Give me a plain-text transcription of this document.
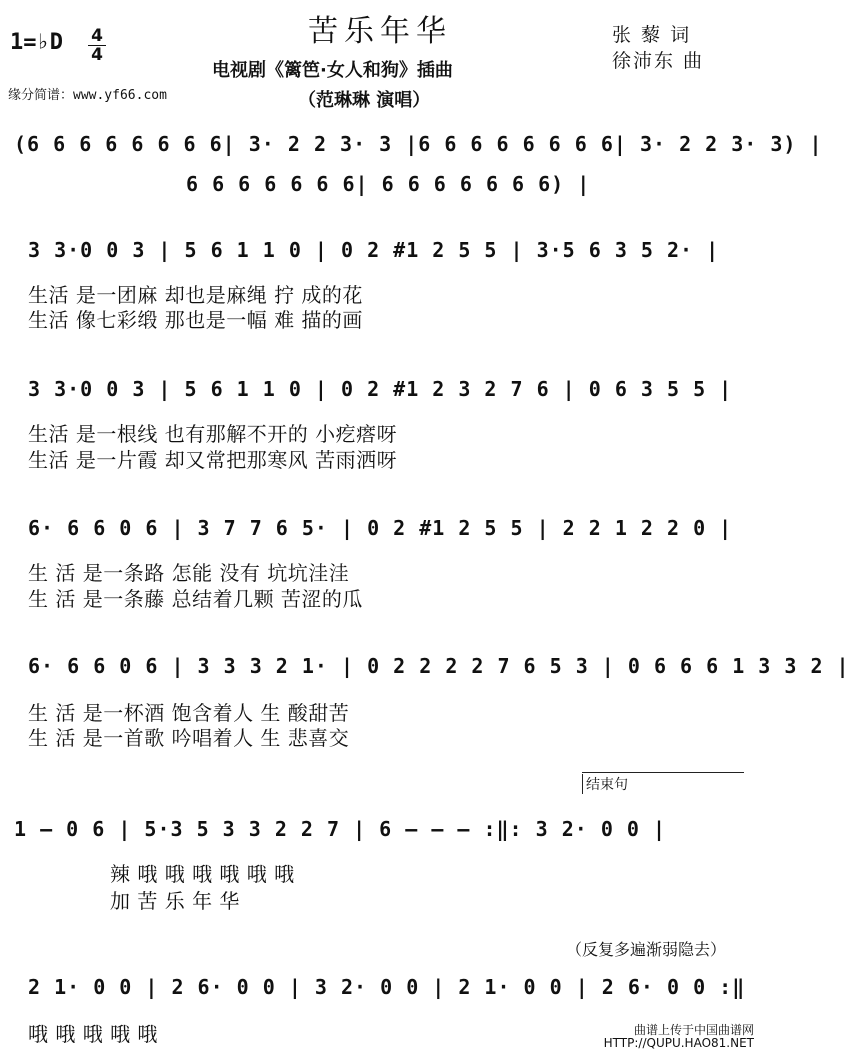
苦乐年华
1=♭D 4
4
张 藜 词
徐沛东 曲
电视剧《篱笆·女人和狗》插曲
（范琳琳 演唱）
缘分简谱：www.yf66.com
(6 6 6 6 6 6 6 6| 3· 2 2 3· 3 |6 6 6 6 6 6 6 6| 3· 2 2 3· 3) |
6 6 6 6 6 6 6| 6 6 6 6 6 6 6) |
3 3·0 0 3 | 5 6 1 1 0 | 0 2 #1 2 5 5 | 3·5 6 3 5 2· |
生活 是一团麻 却也是麻绳 拧 成的花
生活 像七彩缎 那也是一幅 难 描的画
3 3·0 0 3 | 5 6 1 1 0 | 0 2 #1 2 3 2 7 6 | 0 6 3 5 5 |
生活 是一根线 也有那解不开的 小疙瘩呀
生活 是一片霞 却又常把那寒风 苦雨洒呀
6· 6 6 0 6 | 3 7 7 6 5· | 0 2 #1 2 5 5 | 2 2 1 2 2 0 |
生 活 是一条路 怎能 没有 坑坑洼洼
生 活 是一条藤 总结着几颗 苦涩的瓜
6· 6 6 0 6 | 3 3 3 2 1· | 0 2 2 2 2 7 6 5 3 | 0 6 6 6 1 3 3 2 |
生 活 是一杯酒 饱含着人 生 酸甜苦
生 活 是一首歌 吟唱着人 生 悲喜交
结束句
1 — 0 6 | 5·3 5 3 3 2 2 7 | 6 — — — :‖: 3 2· 0 0 |
辣 哦 哦 哦 哦 哦 哦
加 苦 乐 年 华
（反复多遍渐弱隐去）
2 1· 0 0 | 2 6· 0 0 | 3 2· 0 0 | 2 1· 0 0 | 2 6· 0 0 :‖
哦 哦 哦 哦 哦	曲谱上传于中国曲谱网
HTTP://QUPU.HAO81.NET
